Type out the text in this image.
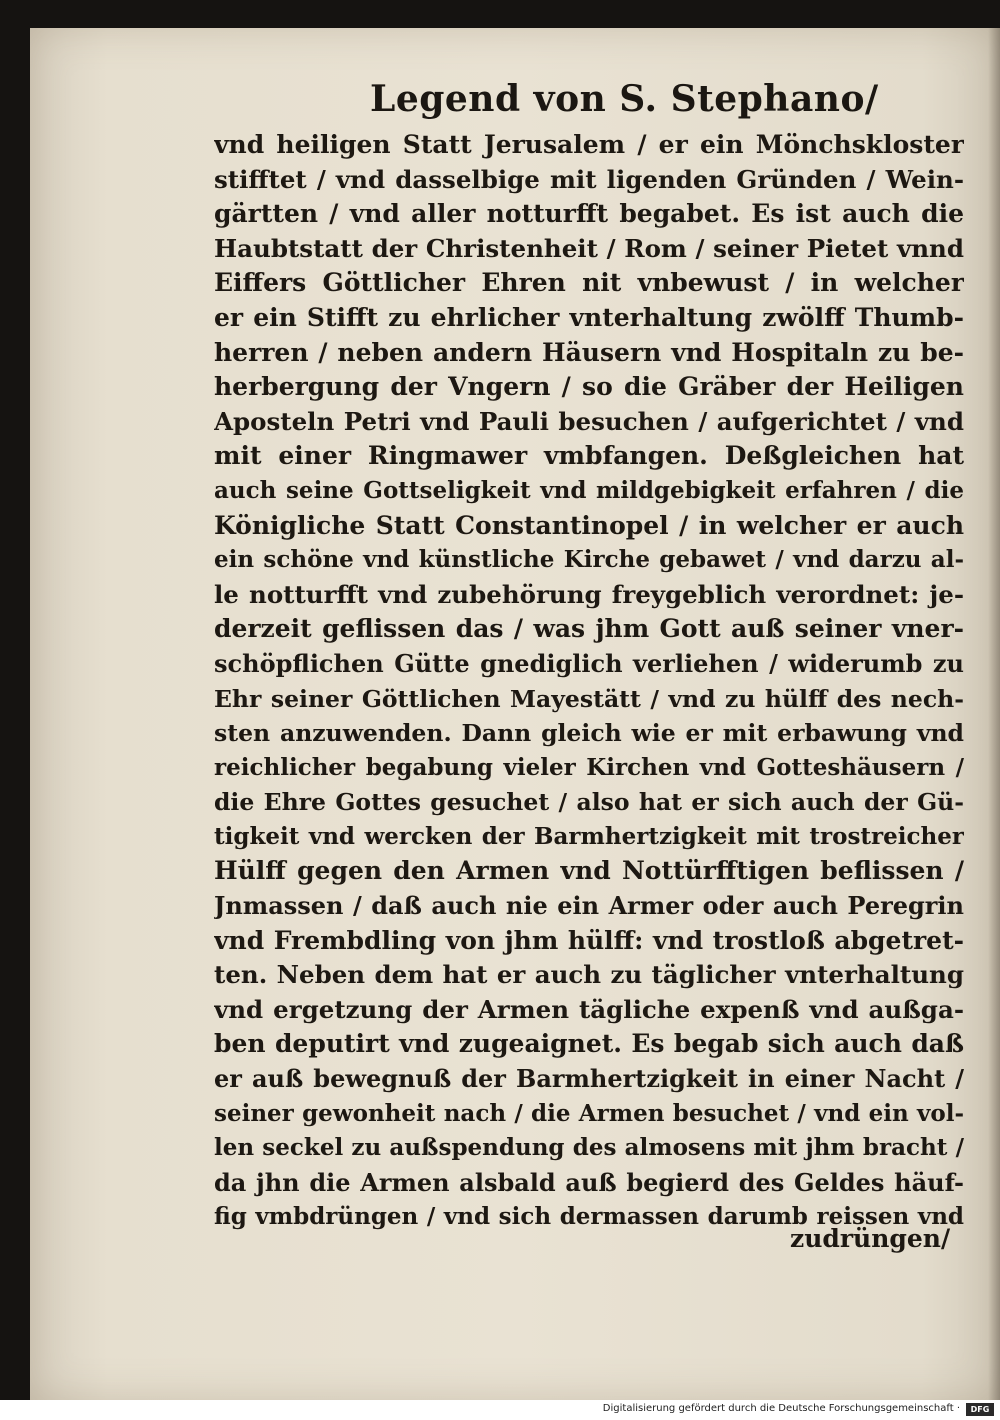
Legend von S. Stephano/
vnd heiligen Statt Jerusalem / er ein Mönchskloster
stifftet / vnd dasselbige mit ligenden Gründen / Wein-
gärtten / vnd aller notturfft begabet. Es ist auch die
Haubtstatt der Christenheit / Rom / seiner Pietet vnnd
Eiffers Göttlicher Ehren nit vnbewust / in welcher
er ein Stifft zu ehrlicher vnterhaltung zwölff Thumb-
herren / neben andern Häusern vnd Hospitaln zu be-
herbergung der Vngern / so die Gräber der Heiligen
Aposteln Petri vnd Pauli besuchen / aufgerichtet / vnd
mit einer Ringmawer vmbfangen. Deßgleichen hat
auch seine Gottseligkeit vnd mildgebigkeit erfahren / die
Königliche Statt Constantinopel / in welcher er auch
ein schöne vnd künstliche Kirche gebawet / vnd darzu al-
le notturfft vnd zubehörung freygeblich verordnet: je-
derzeit geflissen das / was jhm Gott auß seiner vner-
schöpflichen Gütte gnediglich verliehen / widerumb zu
Ehr seiner Göttlichen Mayestätt / vnd zu hülff des nech-
sten anzuwenden. Dann gleich wie er mit erbawung vnd
reichlicher begabung vieler Kirchen vnd Gotteshäusern /
die Ehre Gottes gesuchet / also hat er sich auch der Gü-
tigkeit vnd wercken der Barmhertzigkeit mit trostreicher
Hülff gegen den Armen vnd Nottürfftigen beflissen /
Jnmassen / daß auch nie ein Armer oder auch Peregrin
vnd Frembdling von jhm hülff: vnd trostloß abgetret-
ten. Neben dem hat er auch zu täglicher vnterhaltung
vnd ergetzung der Armen tägliche expenß vnd außga-
ben deputirt vnd zugeaignet. Es begab sich auch daß
er auß bewegnuß der Barmhertzigkeit in einer Nacht /
seiner gewonheit nach / die Armen besuchet / vnd ein vol-
len seckel zu außspendung des almosens mit jhm bracht /
da jhn die Armen alsbald auß begierd des Geldes häuf-
fig vmbdrüngen / vnd sich dermassen darumb reissen vnd
zudrüngen/
Digitalisierung gefördert durch die Deutsche Forschungsgemeinschaft ·	DFG
